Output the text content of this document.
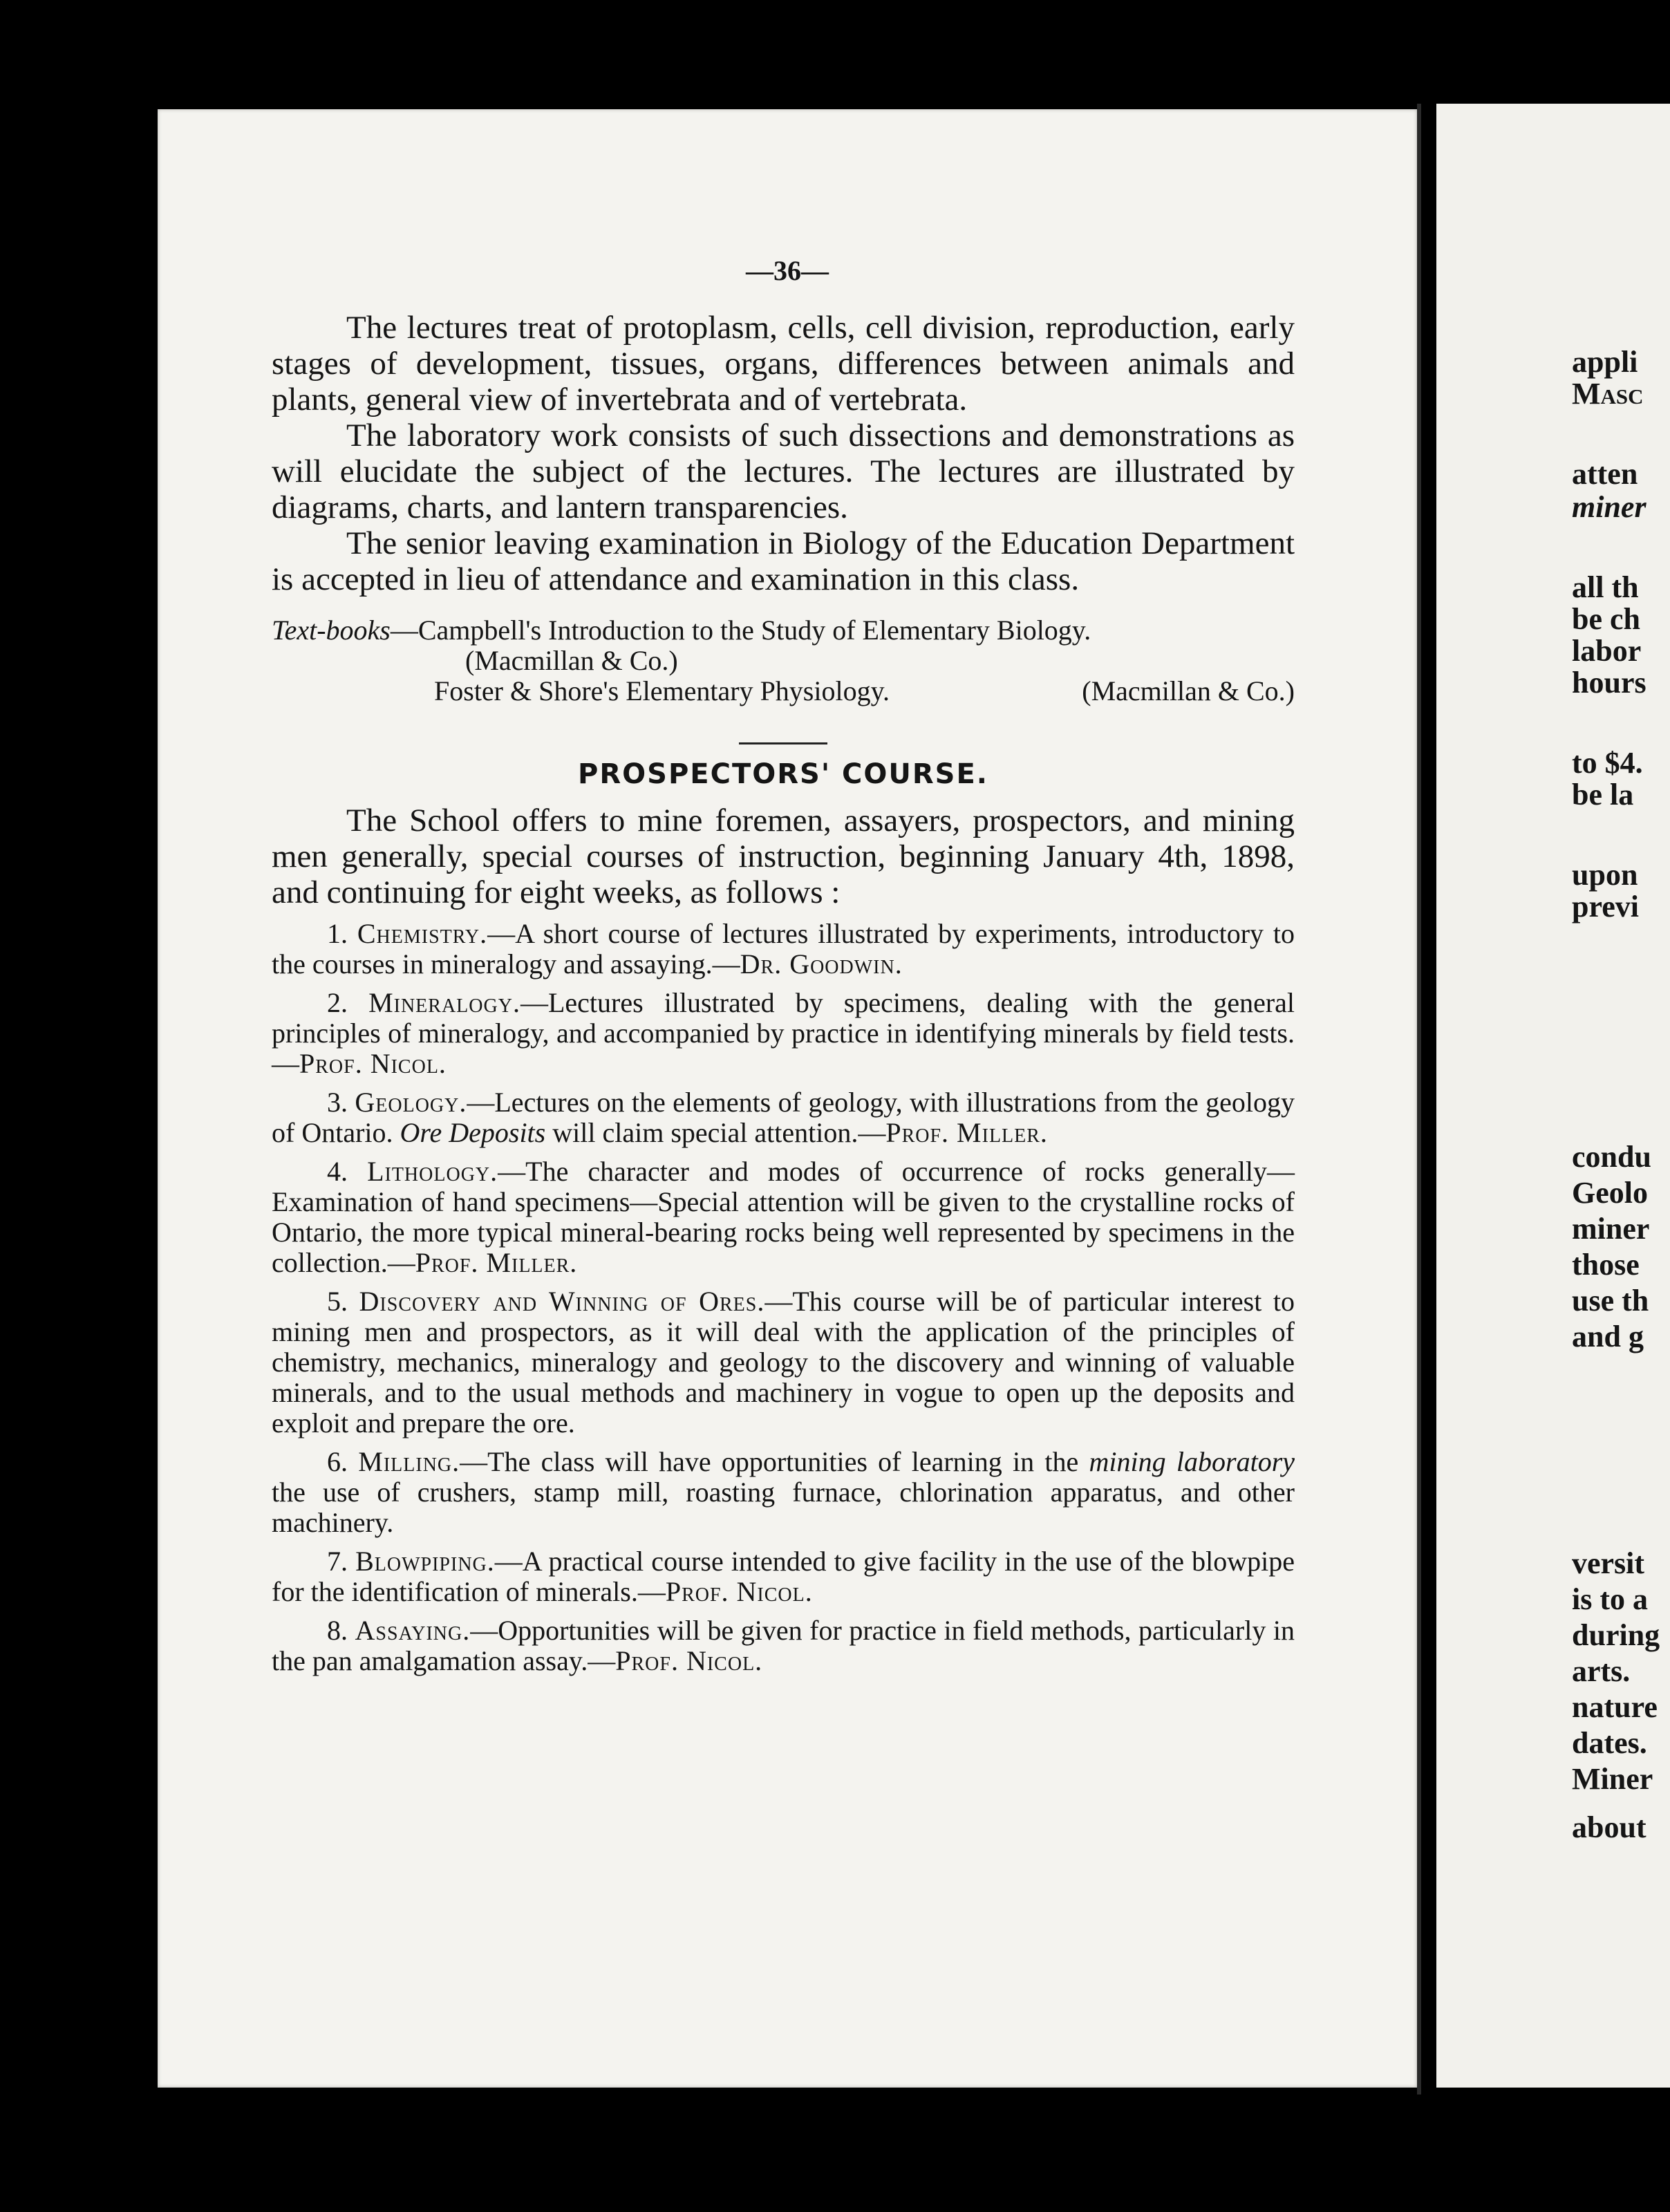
—36—

The lectures treat of protoplasm, cells, cell division, reproduction, early stages of development, tissues, organs, differences between animals and plants, general view of invertebrata and of vertebrata.

The laboratory work consists of such dissections and demonstrations as will elucidate the subject of the lectures. The lectures are illustrated by diagrams, charts, and lantern transparencies.

The senior leaving examination in Biology of the Education Department is accepted in lieu of attendance and examination in this class.

Text-books—Campbell's Introduction to the Study of Elementary Biology.
(Macmillan & Co.)
Foster & Shore's Elementary Physiology.	(Macmillan & Co.)
PROSPECTORS' COURSE.

The School offers to mine foremen, assayers, prospectors, and mining men generally, special courses of instruction, beginning January 4th, 1898, and continuing for eight weeks, as follows :

1. Chemistry.—A short course of lectures illustrated by experiments, introductory to the courses in mineralogy and assaying.—Dr. Goodwin.

2. Mineralogy.—Lectures illustrated by specimens, dealing with the general principles of mineralogy, and accompanied by practice in identifying minerals by field tests.—Prof. Nicol.

3. Geology.—Lectures on the elements of geology, with illustrations from the geology of Ontario. Ore Deposits will claim special attention.—Prof. Miller.

4. Lithology.—The character and modes of occurrence of rocks generally—Examination of hand specimens—Special attention will be given to the crystalline rocks of Ontario, the more typical mineral-bearing rocks being well represented by specimens in the collection.—Prof. Miller.

5. Discovery and Winning of Ores.—This course will be of particular interest to mining men and prospectors, as it will deal with the application of the principles of chemistry, mechanics, mineralogy and geology to the discovery and winning of valuable minerals, and to the usual methods and machinery in vogue to open up the deposits and exploit and prepare the ore.

6. Milling.—The class will have opportunities of learning in the mining laboratory the use of crushers, stamp mill, roasting furnace, chlorination apparatus, and other machinery.

7. Blowpiping.—A practical course intended to give facility in the use of the blowpipe for the identification of minerals.—Prof. Nicol.

8. Assaying.—Opportunities will be given for practice in field methods, particularly in the pan amalgamation assay.—Prof. Nicol.

appli
Masc
atten
miner
all th
be ch
labor
hours
to $4.
be la
upon
previ
condu
Geolo
miner
those
use th
and g
versit
is to a
during
arts.
nature
dates.
Miner
about
